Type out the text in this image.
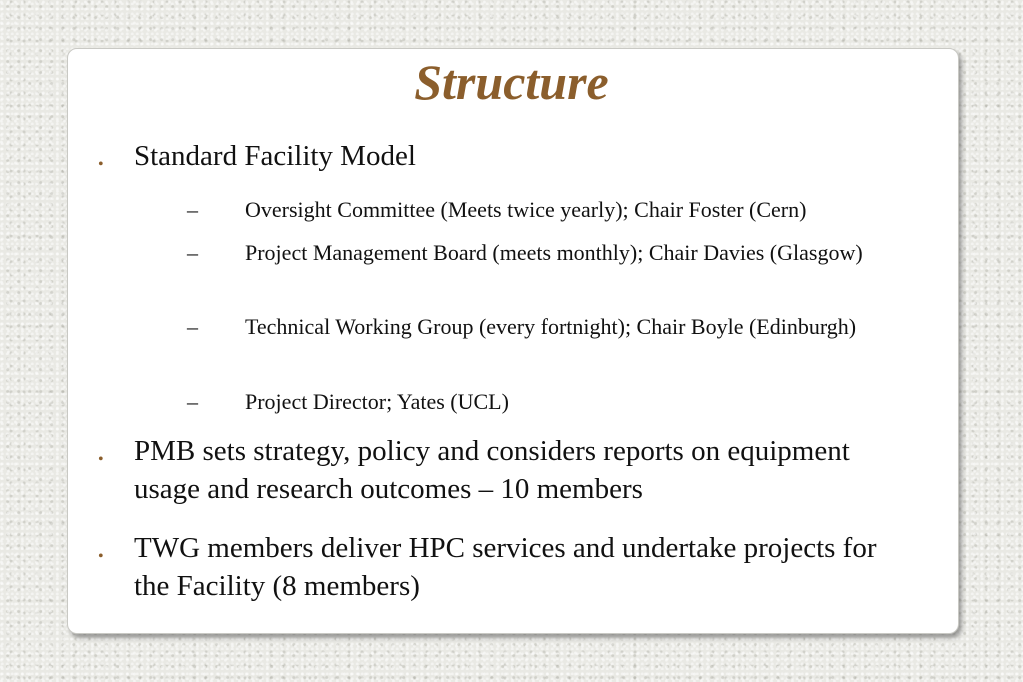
Structure
• Standard Facility Model
– Oversight Committee (Meets twice yearly); Chair Foster (Cern)
– Project Management Board (meets monthly); Chair Davies (Glasgow)
– Technical Working Group (every fortnight); Chair Boyle (Edinburgh)
– Project Director; Yates (UCL)
• PMB sets strategy, policy and considers reports on equipment usage and research outcomes – 10 members
• TWG members deliver HPC services and undertake projects for the Facility (8 members)
